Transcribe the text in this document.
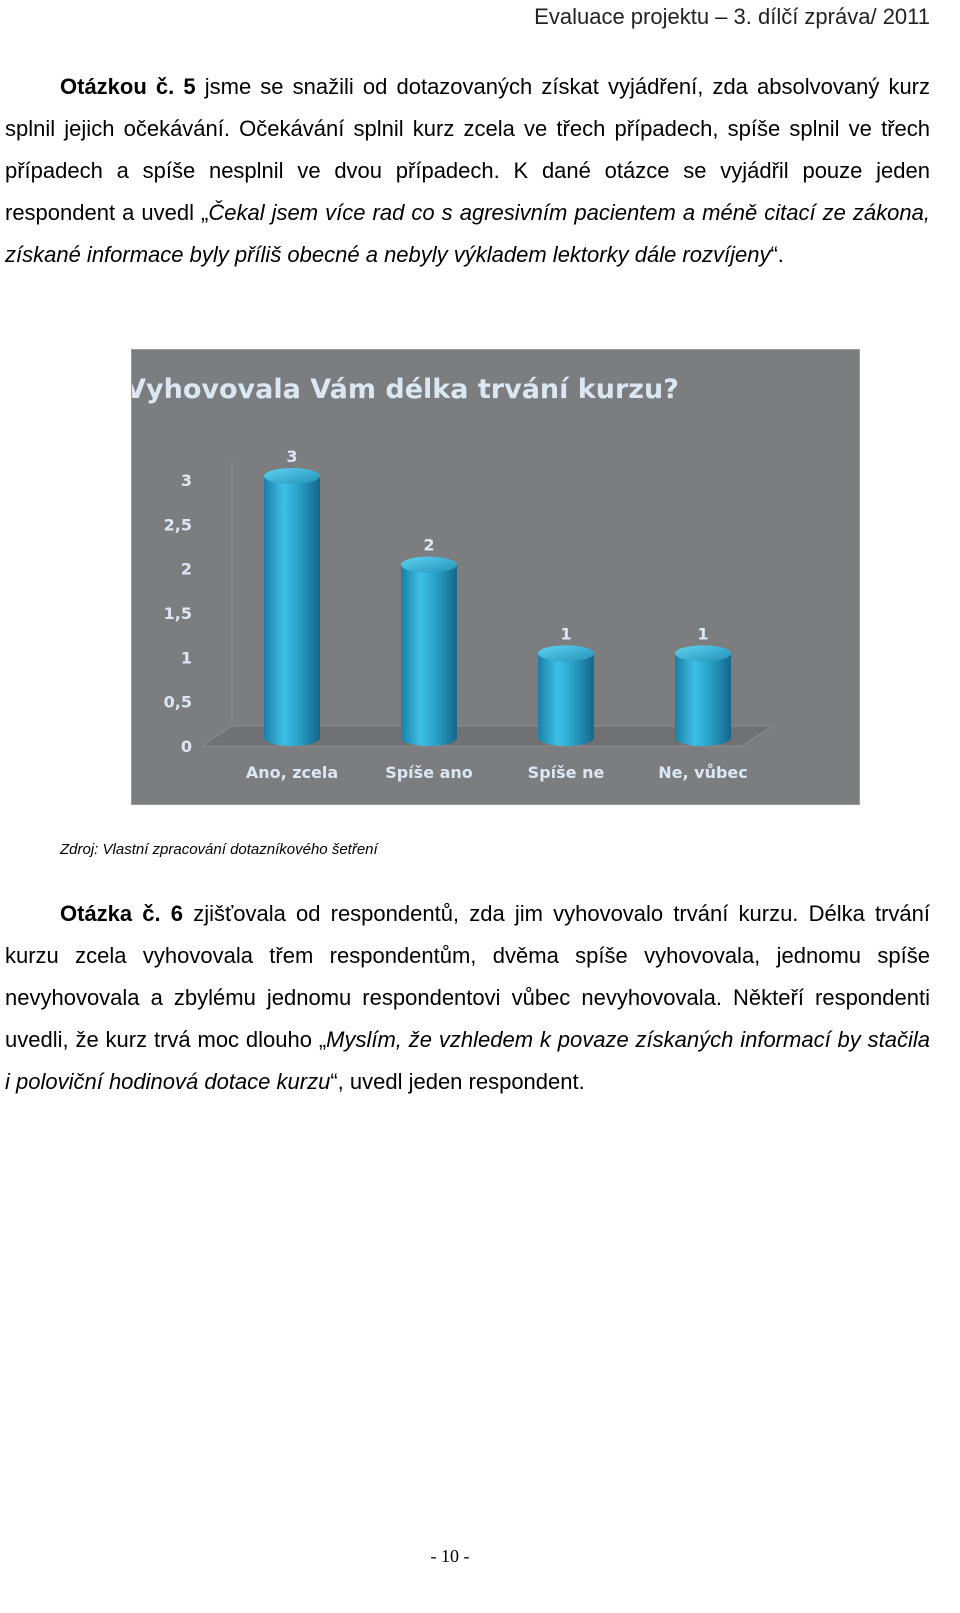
Evaluace projektu – 3. dílčí zpráva/ 2011
Otázkou č. 5 jsme se snažili od dotazovaných získat vyjádření, zda absolvovaný kurz splnil jejich očekávání. Očekávání splnil kurz zcela ve třech případech, spíše splnil ve třech případech a spíše nesplnil ve dvou případech. K dané otázce se vyjádřil pouze jeden respondent a uvedl „Čekal jsem více rad co s agresivním pacientem a méně citací ze zákona, získané informace byly příliš obecné a nebyly výkladem lektorky dále rozvíjeny“.
Vyhovovala Vám délka trvání kurzu?
0
0,5
1
1,5
2
2,5
3
3
2
1	1
Ano, zcela	Spíše ano	Spíše ne	Ne, vůbec
Zdroj: Vlastní zpracování dotazníkového šetření
Otázka č. 6 zjišťovala od respondentů, zda jim vyhovovalo trvání kurzu. Délka trvání kurzu zcela vyhovovala třem respondentům, dvěma spíše vyhovovala, jednomu spíše nevyhovovala a zbylému jednomu respondentovi vůbec nevyhovovala. Někteří respondenti uvedli, že kurz trvá moc dlouho „Myslím, že vzhledem k povaze získaných informací by stačila i poloviční hodinová dotace kurzu“, uvedl jeden respondent.
- 10 -
